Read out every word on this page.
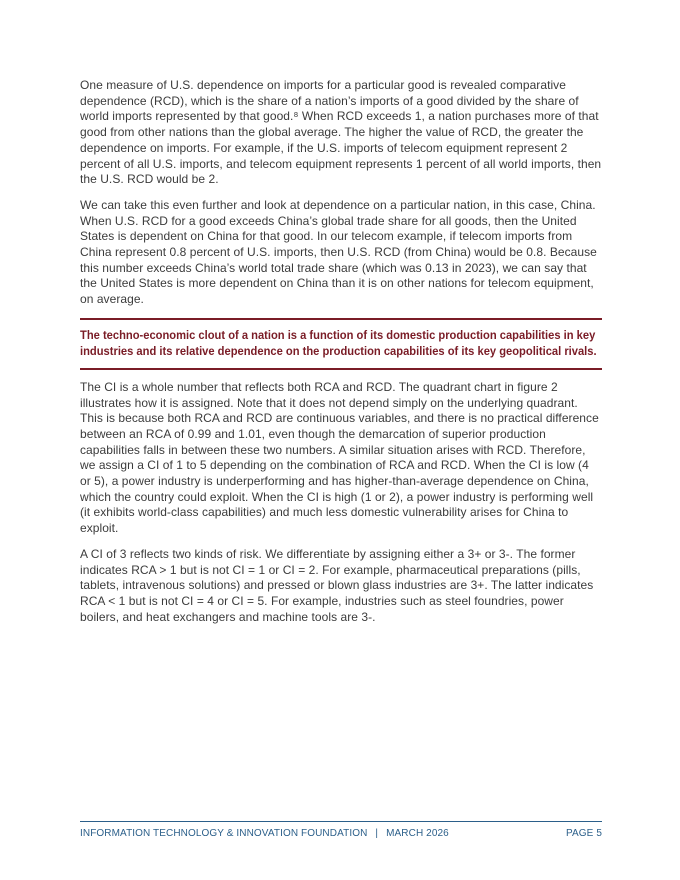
One measure of U.S. dependence on imports for a particular good is revealed comparative dependence (RCD), which is the share of a nation’s imports of a good divided by the share of world imports represented by that good.⁸ When RCD exceeds 1, a nation purchases more of that good from other nations than the global average. The higher the value of RCD, the greater the dependence on imports. For example, if the U.S. imports of telecom equipment represent 2 percent of all U.S. imports, and telecom equipment represents 1 percent of all world imports, then the U.S. RCD would be 2.

We can take this even further and look at dependence on a particular nation, in this case, China. When U.S. RCD for a good exceeds China’s global trade share for all goods, then the United States is dependent on China for that good. In our telecom example, if telecom imports from China represent 0.8 percent of U.S. imports, then U.S. RCD (from China) would be 0.8. Because this number exceeds China’s world total trade share (which was 0.13 in 2023), we can say that the United States is more dependent on China than it is on other nations for telecom equipment, on average.

The techno-economic clout of a nation is a function of its domestic production capabilities in key industries and its relative dependence on the production capabilities of its key geopolitical rivals.

The CI is a whole number that reflects both RCA and RCD. The quadrant chart in figure 2 illustrates how it is assigned. Note that it does not depend simply on the underlying quadrant. This is because both RCA and RCD are continuous variables, and there is no practical difference between an RCA of 0.99 and 1.01, even though the demarcation of superior production capabilities falls in between these two numbers. A similar situation arises with RCD. Therefore, we assign a CI of 1 to 5 depending on the combination of RCA and RCD. When the CI is low (4 or 5), a power industry is underperforming and has higher-than-average dependence on China, which the country could exploit. When the CI is high (1 or 2), a power industry is performing well (it exhibits world-class capabilities) and much less domestic vulnerability arises for China to exploit.

A CI of 3 reflects two kinds of risk. We differentiate by assigning either a 3+ or 3-. The former indicates RCA > 1 but is not CI = 1 or CI = 2. For example, pharmaceutical preparations (pills, tablets, intravenous solutions) and pressed or blown glass industries are 3+. The latter indicates RCA < 1 but is not CI = 4 or CI = 5. For example, industries such as steel foundries, power boilers, and heat exchangers and machine tools are 3-.

INFORMATION TECHNOLOGY & INNOVATION FOUNDATION | MARCH 2026	PAGE 5
